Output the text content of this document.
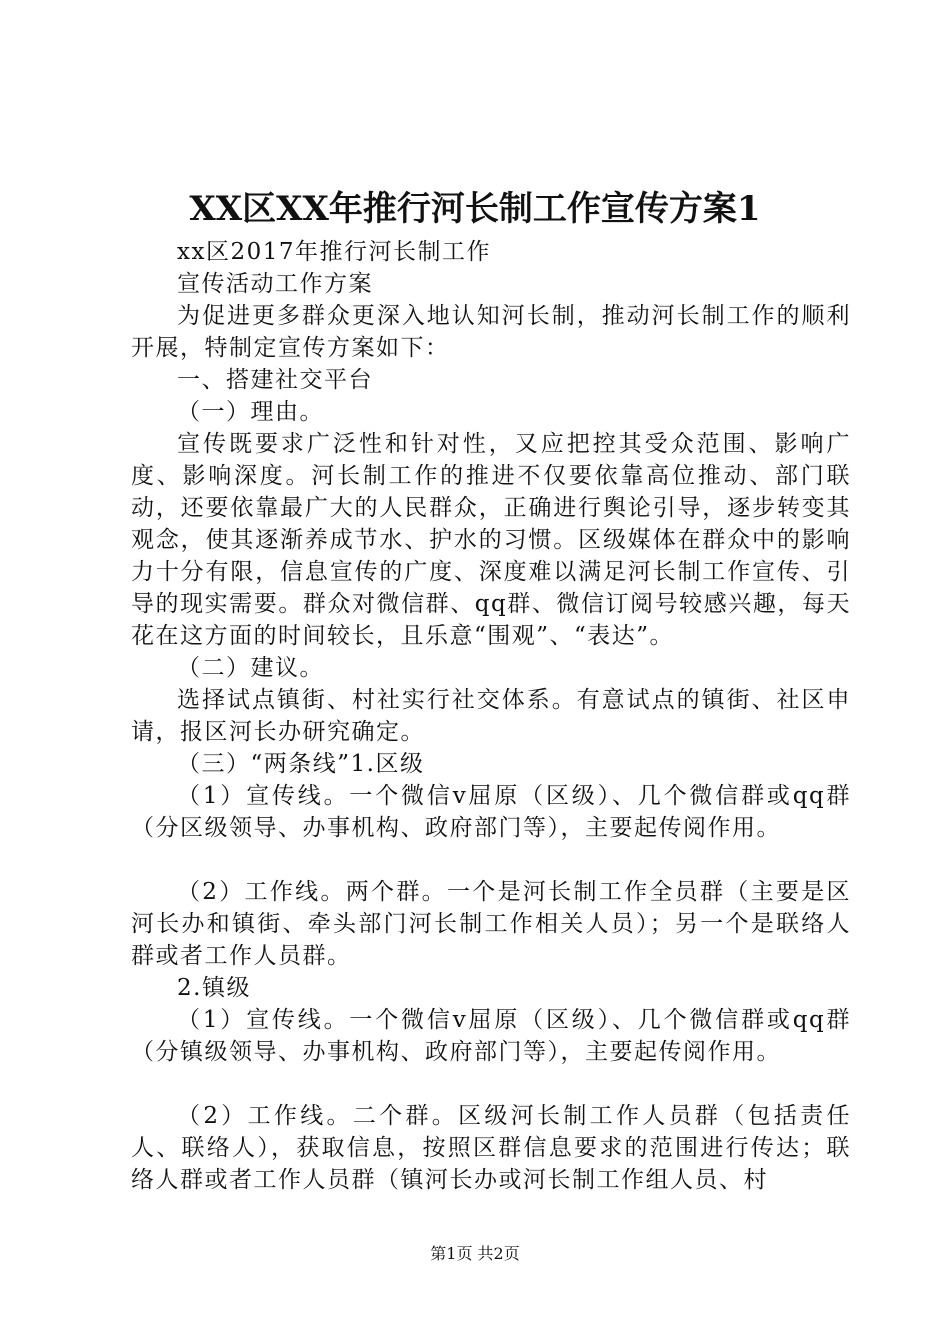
XX区XX年推行河长制工作宣传方案1

xx区2017年推行河长制工作

宣传活动工作方案

为促进更多群众更深入地认知河长制，推动河长制工作的顺利开展，特制定宣传方案如下：

一、搭建社交平台

（一）理由。

宣传既要求广泛性和针对性，又应把控其受众范围、影响广度、影响深度。河长制工作的推进不仅要依靠高位推动、部门联动，还要依靠最广大的人民群众，正确进行舆论引导，逐步转变其观念，使其逐渐养成节水、护水的习惯。区级媒体在群众中的影响力十分有限，信息宣传的广度、深度难以满足河长制工作宣传、引导的现实需要。群众对微信群、qq群、微信订阅号较感兴趣，每天花在这方面的时间较长，且乐意“围观”、“表达”。

（二）建议。

选择试点镇街、村社实行社交体系。有意试点的镇街、社区申请，报区河长办研究确定。

（三）“两条线”1.区级

（1）宣传线。一个微信v屈原（区级）、几个微信群或qq群（分区级领导、办事机构、政府部门等），主要起传阅作用。

（2）工作线。两个群。一个是河长制工作全员群（主要是区河长办和镇街、牵头部门河长制工作相关人员）；另一个是联络人群或者工作人员群。

2.镇级

（1）宣传线。一个微信v屈原（区级）、几个微信群或qq群（分镇级领导、办事机构、政府部门等），主要起传阅作用。

（2）工作线。二个群。区级河长制工作人员群（包括责任人、联络人），获取信息，按照区群信息要求的范围进行传达；联络人群或者工作人员群（镇河长办或河长制工作组人员、村

第1页 共2页
